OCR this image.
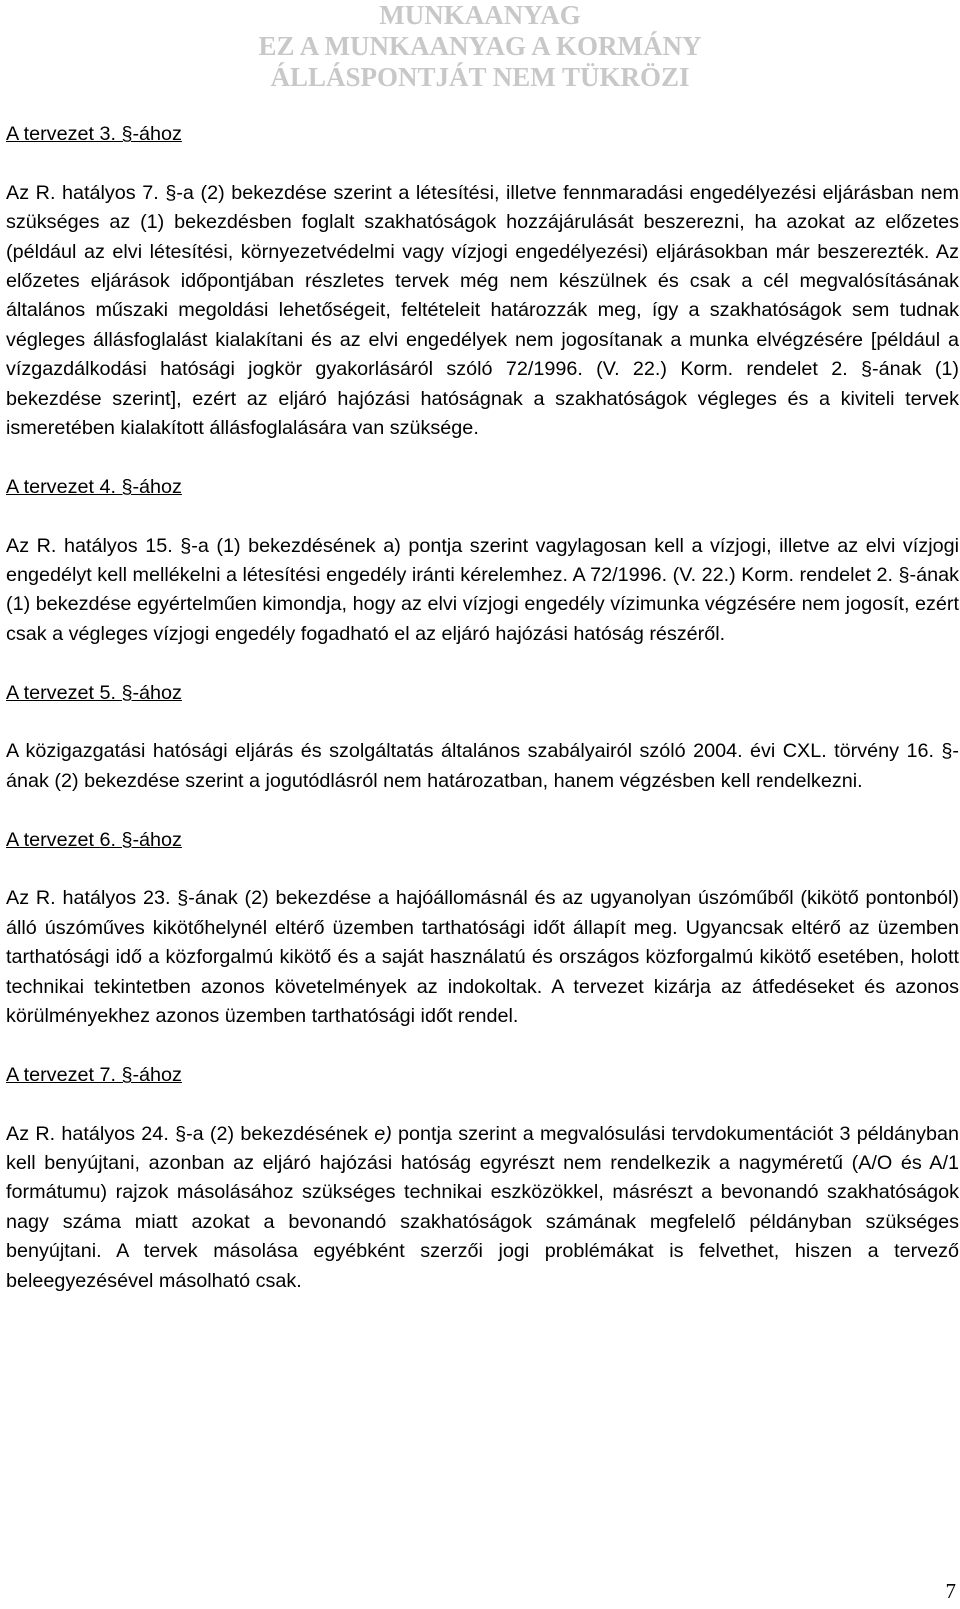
MUNKAANYAG
EZ A MUNKAANYAG A KORMÁNY
ÁLLÁSPONTJÁT NEM TÜKRÖZI

A tervezet 3. §-ához

Az R. hatályos 7. §-a (2) bekezdése szerint a létesítési, illetve fennmaradási engedélyezési eljárásban nem szükséges az (1) bekezdésben foglalt szakhatóságok hozzájárulását beszerezni, ha azokat az előzetes (például az elvi létesítési, környezetvédelmi vagy vízjogi engedélyezési) eljárásokban már beszerezték. Az előzetes eljárások időpontjában részletes tervek még nem készülnek és csak a cél megvalósításának általános műszaki megoldási lehetőségeit, feltételeit határozzák meg, így a szakhatóságok sem tudnak végleges állásfoglalást kialakítani és az elvi engedélyek nem jogosítanak a munka elvégzésére [például a vízgazdálkodási hatósági jogkör gyakorlásáról szóló 72/1996. (V. 22.) Korm. rendelet 2. §-ának (1) bekezdése szerint], ezért az eljáró hajózási hatóságnak a szakhatóságok végleges és a kiviteli tervek ismeretében kialakított állásfoglalására van szüksége.

A tervezet 4. §-ához

Az R. hatályos 15. §-a (1) bekezdésének a) pontja szerint vagylagosan kell a vízjogi, illetve az elvi vízjogi engedélyt kell mellékelni a létesítési engedély iránti kérelemhez. A 72/1996. (V. 22.) Korm. rendelet 2. §-ának (1) bekezdése egyértelműen kimondja, hogy az elvi vízjogi engedély vízimunka végzésére nem jogosít, ezért csak a végleges vízjogi engedély fogadható el az eljáró hajózási hatóság részéről.

A tervezet 5. §-ához

A közigazgatási hatósági eljárás és szolgáltatás általános szabályairól szóló 2004. évi CXL. törvény 16. §-ának (2) bekezdése szerint a jogutódlásról nem határozatban, hanem végzésben kell rendelkezni.

A tervezet 6. §-ához

Az R. hatályos 23. §-ának (2) bekezdése a hajóállomásnál és az ugyanolyan úszóműből (kikötő pontonból) álló úszóműves kikötőhelynél eltérő üzemben tarthatósági időt állapít meg. Ugyancsak eltérő az üzemben tarthatósági idő a közforgalmú kikötő és a saját használatú és országos közforgalmú kikötő esetében, holott technikai tekintetben azonos követelmények az indokoltak. A tervezet kizárja az átfedéseket és azonos körülményekhez azonos üzemben tarthatósági időt rendel.

A tervezet 7. §-ához

Az R. hatályos 24. §-a (2) bekezdésének e) pontja szerint a megvalósulási tervdokumentációt 3 példányban kell benyújtani, azonban az eljáró hajózási hatóság egyrészt nem rendelkezik a nagyméretű (A/O és A/1 formátumu) rajzok másolásához szükséges technikai eszközökkel, másrészt a bevonandó szakhatóságok nagy száma miatt azokat a bevonandó szakhatóságok számának megfelelő példányban szükséges benyújtani. A tervek másolása egyébként szerzői jogi problémákat is felvethet, hiszen a tervező beleegyezésével másolható csak.

7
